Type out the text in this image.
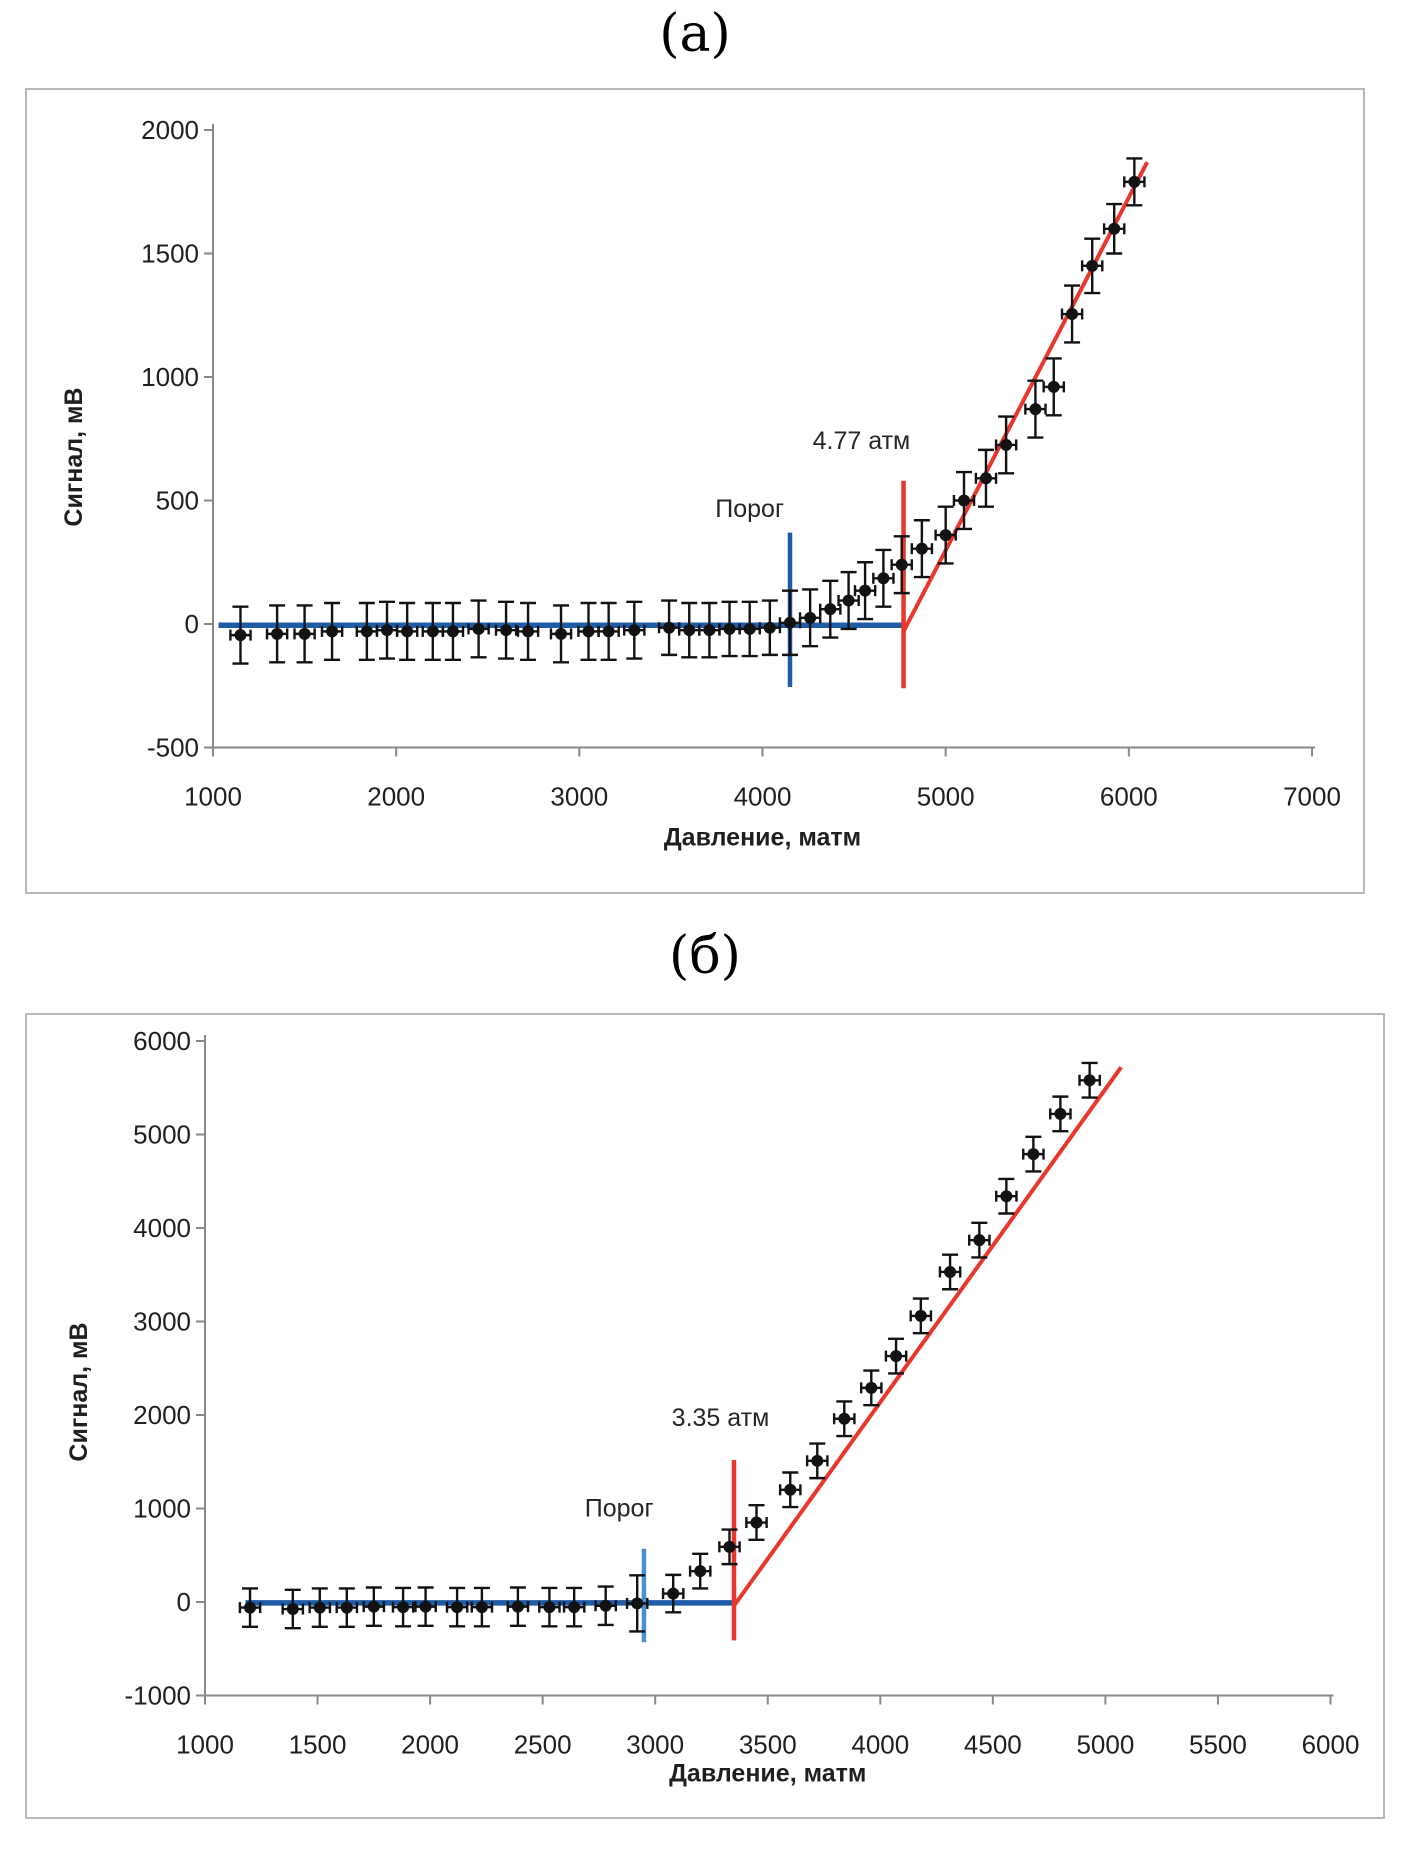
(а)
1000	2000	3000	4000	5000	6000	7000
-500
0
500
1000
1500
2000
Давление, матм
Сигнал, мВ	Порог
4.77 атм
(б)
1000 1500 2000 2500 3000 3500 4000 4500 5000 5500 6000
-1000
0
1000
2000
3000
4000
5000
6000
Давление, матм
Сигнал, мВ
Порог
3.35 атм
